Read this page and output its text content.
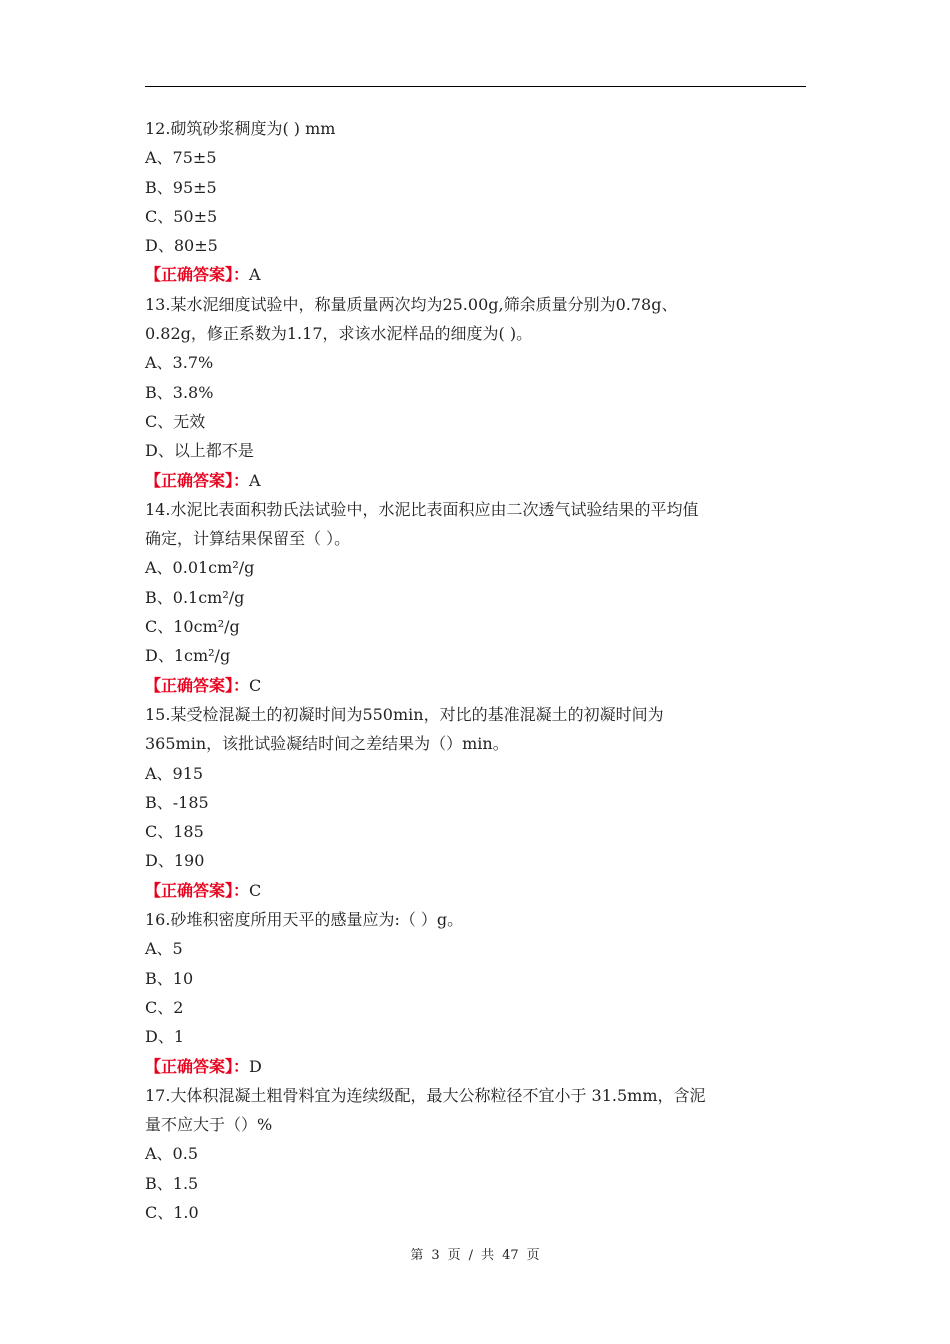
12.砌筑砂浆稠度为( ) mm
A、75±5
B、95±5
C、50±5
D、80±5
【正确答案】：A
13.某水泥细度试验中，称量质量两次均为25.00g,筛余质量分别为0.78g、
0.82g，修正系数为1.17，求该水泥样品的细度为( )。
A、3.7%
B、3.8%
C、无效
D、以上都不是
【正确答案】：A
14.水泥比表面积勃氏法试验中，水泥比表面积应由二次透气试验结果的平均值
确定，计算结果保留至（ ）。
A、0.01cm²/g
B、0.1cm²/g
C、10cm²/g
D、1cm²/g
【正确答案】：C
15.某受检混凝土的初凝时间为550min，对比的基准混凝土的初凝时间为
365min，该批试验凝结时间之差结果为（）min。
A、915
B、-185
C、185
D、190
【正确答案】：C
16.砂堆积密度所用天平的感量应为:（ ）g。
A、5
B、10
C、2
D、1
【正确答案】：D
17.大体积混凝土粗骨料宜为连续级配，最大公称粒径不宜小于 31.5mm，含泥
量不应大于（）%
A、0.5
B、1.5
C、1.0
第 3 页 / 共 47 页
